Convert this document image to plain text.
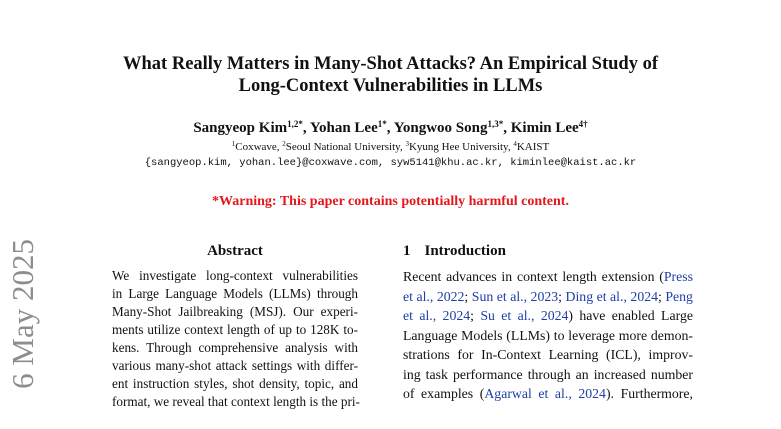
What Really Matters in Many-Shot Attacks? An Empirical Study of
Long-Context Vulnerabilities in LLMs
Sangyeop Kim$^{1,2*}$, Yohan Lee$^{1*}$, Yongwoo Song$^{1,3*}$, Kimin Lee$^{4\dagger}$
$^1$Coxwave, $^2$Seoul National University, $^3$Kyung Hee University, $^4$KAIST
{sangyeop.kim, yohan.lee}@coxwave.com, syw5141@khu.ac.kr, kiminlee@kaist.ac.kr
*Warning: This paper contains potentially harmful content.
6 May 2025	Abstract	1 Introduction
We investigate long-context vulnerabilities
in Large Language Models (LLMs) through
Many-Shot Jailbreaking (MSJ). Our experi-
ments utilize context length of up to 128K to-
kens. Through comprehensive analysis with
various many-shot attack settings with differ-
ent instruction styles, shot density, topic, and
format, we reveal that context length is the pri-
Recent advances in context length extension (Press
et al., 2022; Sun et al., 2023; Ding et al., 2024; Peng
et al., 2024; Su et al., 2024) have enabled Large
Language Models (LLMs) to leverage more demon-
strations for In-Context Learning (ICL), improv-
ing task performance through an increased number
of examples (Agarwal et al., 2024). Furthermore,
